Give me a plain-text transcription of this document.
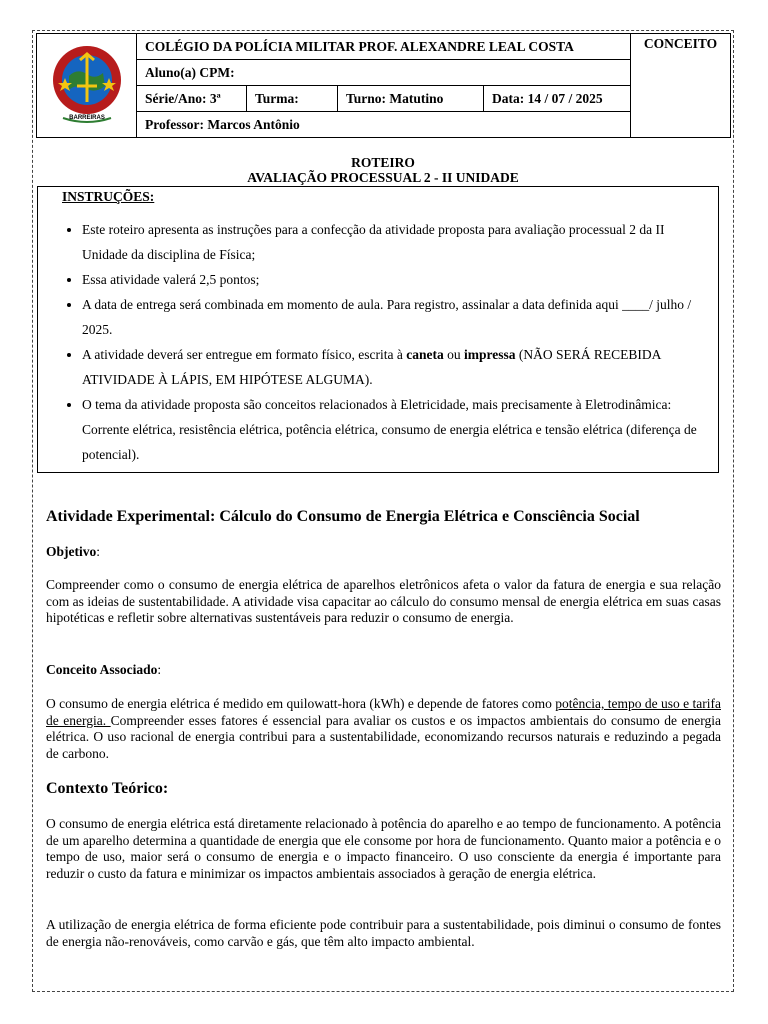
BARREIRAS	COLÉGIO DA POLÍCIA MILITAR PROF. ALEXANDRE LEAL COSTA				CONCEITO
	Aluno(a) CPM:				
	Série/Ano: 3ª	Turma:	Turno: Matutino	Data: 14 / 07 / 2025	
	Professor: Marcos Antônio				
ROTEIRO
AVALIAÇÃO PROCESSUAL 2 - II UNIDADE
INSTRUÇÕES:
• Este roteiro apresenta as instruções para a confecção da atividade proposta para avaliação processual 2 da II Unidade da disciplina de Física;
• Essa atividade valerá 2,5 pontos;
• A data de entrega será combinada em momento de aula. Para registro, assinalar a data definida aqui ____/ julho / 2025.
• A atividade deverá ser entregue em formato físico, escrita à caneta ou impressa (NÃO SERÁ RECEBIDA ATIVIDADE À LÁPIS, EM HIPÓTESE ALGUMA).
• O tema da atividade proposta são conceitos relacionados à Eletricidade, mais precisamente à Eletrodinâmica: Corrente elétrica, resistência elétrica, potência elétrica, consumo de energia elétrica e tensão elétrica (diferença de potencial).
Atividade Experimental: Cálculo do Consumo de Energia Elétrica e Consciência Social
Objetivo:

Compreender como o consumo de energia elétrica de aparelhos eletrônicos afeta o valor da fatura de energia e sua relação com as ideias de sustentabilidade. A atividade visa capacitar ao cálculo do consumo mensal de energia elétrica em suas casas hipotéticas e refletir sobre alternativas sustentáveis para reduzir o consumo de energia.

Conceito Associado:

O consumo de energia elétrica é medido em quilowatt-hora (kWh) e depende de fatores como potência, tempo de uso e tarifa de energia. Compreender esses fatores é essencial para avaliar os custos e os impactos ambientais do consumo de energia elétrica. O uso racional de energia contribui para a sustentabilidade, economizando recursos naturais e reduzindo a pegada de carbono.

Contexto Teórico:

O consumo de energia elétrica está diretamente relacionado à potência do aparelho e ao tempo de funcionamento. A potência de um aparelho determina a quantidade de energia que ele consome por hora de funcionamento. Quanto maior a potência e o tempo de uso, maior será o consumo de energia e o impacto financeiro. O uso consciente da energia é importante para reduzir o custo da fatura e minimizar os impactos ambientais associados à geração de energia elétrica.

A utilização de energia elétrica de forma eficiente pode contribuir para a sustentabilidade, pois diminui o consumo de fontes de energia não-renováveis, como carvão e gás, que têm alto impacto ambiental.
